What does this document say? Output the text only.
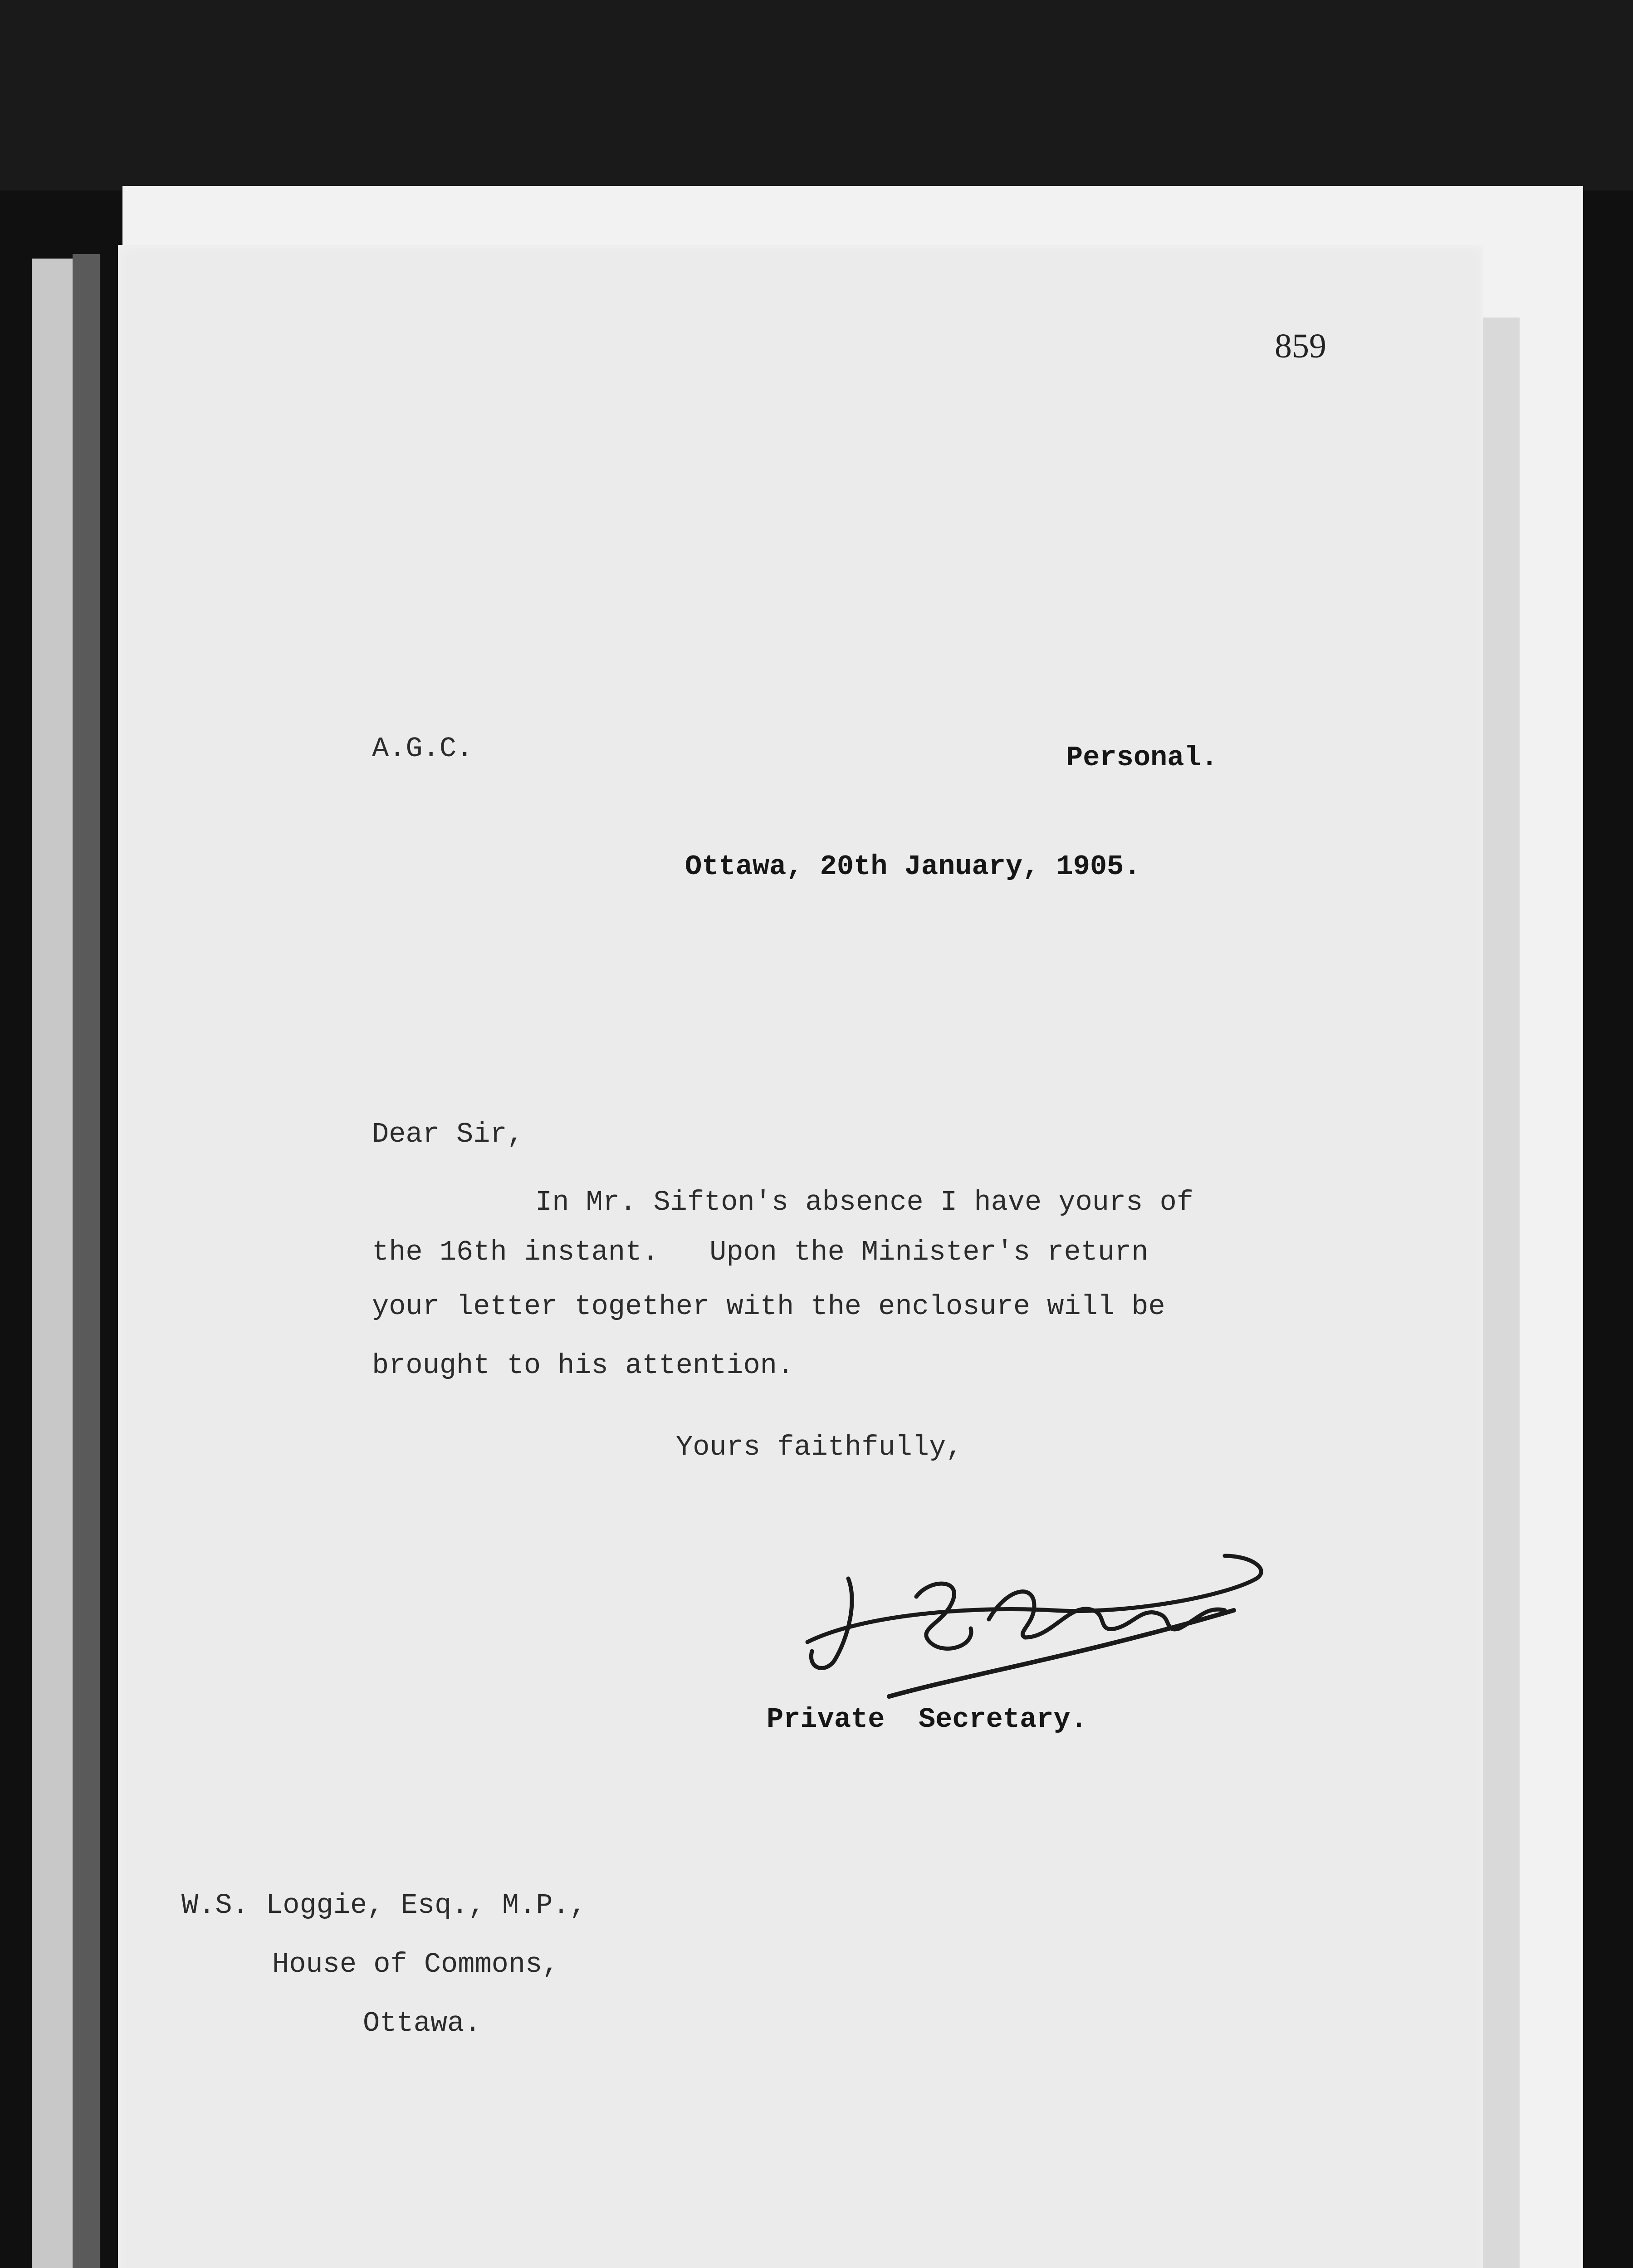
859
A.G.C.	Personal.
Ottawa, 20th January, 1905.
Dear Sir,
In Mr. Sifton's absence I have yours of
the 16th instant.   Upon the Minister's return
your letter together with the enclosure will be
brought to his attention.
Yours faithfully,
Private  Secretary.
W.S. Loggie, Esq., M.P.,
House of Commons,
Ottawa.
